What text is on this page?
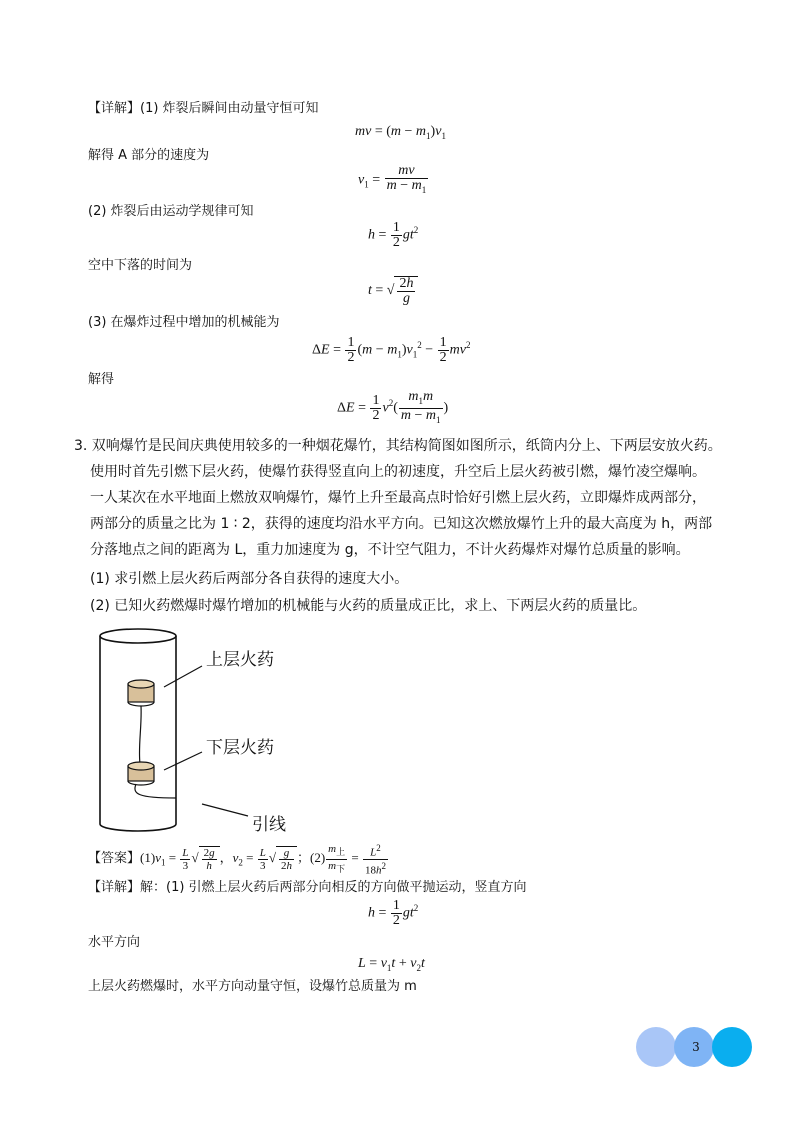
【详解】(1) 炸裂后瞬间由动量守恒可知
mv = $(m - m_1)v_1$
解得 A 部分的速度为
$v_1 = \frac{mv}{m - m_1}$
(2) 炸裂后由运动学规律可知
$h = \frac{1}{2} gt^2$
空中下落的时间为
t = √ $\frac{2h}{g}$
(3) 在爆炸过程中增加的机械能为
$\Delta E = \frac{1}{2} (m - m_1)v_1^2 - \frac{1}{2} mv^2$
解得
$\Delta E = \frac{1}{2} v^2( \frac{m_1m}{m - m_1}$ )
3. 双响爆竹是民间庆典使用较多的一种烟花爆竹，其结构简图如图所示，纸筒内分上、下两层安放火药。
使用时首先引燃下层火药，使爆竹获得竖直向上的初速度，升空后上层火药被引燃，爆竹凌空爆响。
一人某次在水平地面上燃放双响爆竹，爆竹上升至最高点时恰好引燃上层火药，立即爆炸成两部分，
两部分的质量之比为 1 ∶ 2，获得的速度均沿水平方向。已知这次燃放爆竹上升的最大高度为 h，两部
分落地点之间的距离为 L，重力加速度为 g，不计空气阻力，不计火药爆炸对爆竹总质量的影响。
(1) 求引燃上层火药后两部分各自获得的速度大小。
(2) 已知火药燃爆时爆竹增加的机械能与火药的质量成正比，求上、下两层火药的质量比。
上层火药
下层火药
引线
【答案】$(1)v_1 = \frac{L}{3}$ √ $\frac{2g}{h}$ ，$v_2 = \frac{L}{3}$ √ $\frac{g}{2h}$ ；$(2) \frac{m_上}{m_下} = \frac{L^2}{18h^2}$
【详解】解：(1) 引燃上层火药后两部分向相反的方向做平抛运动，竖直方向
$h = \frac{1}{2} gt^2$
水平方向
$L = v_1t + v_2t$
上层火药燃爆时，水平方向动量守恒，设爆竹总质量为 m
3
